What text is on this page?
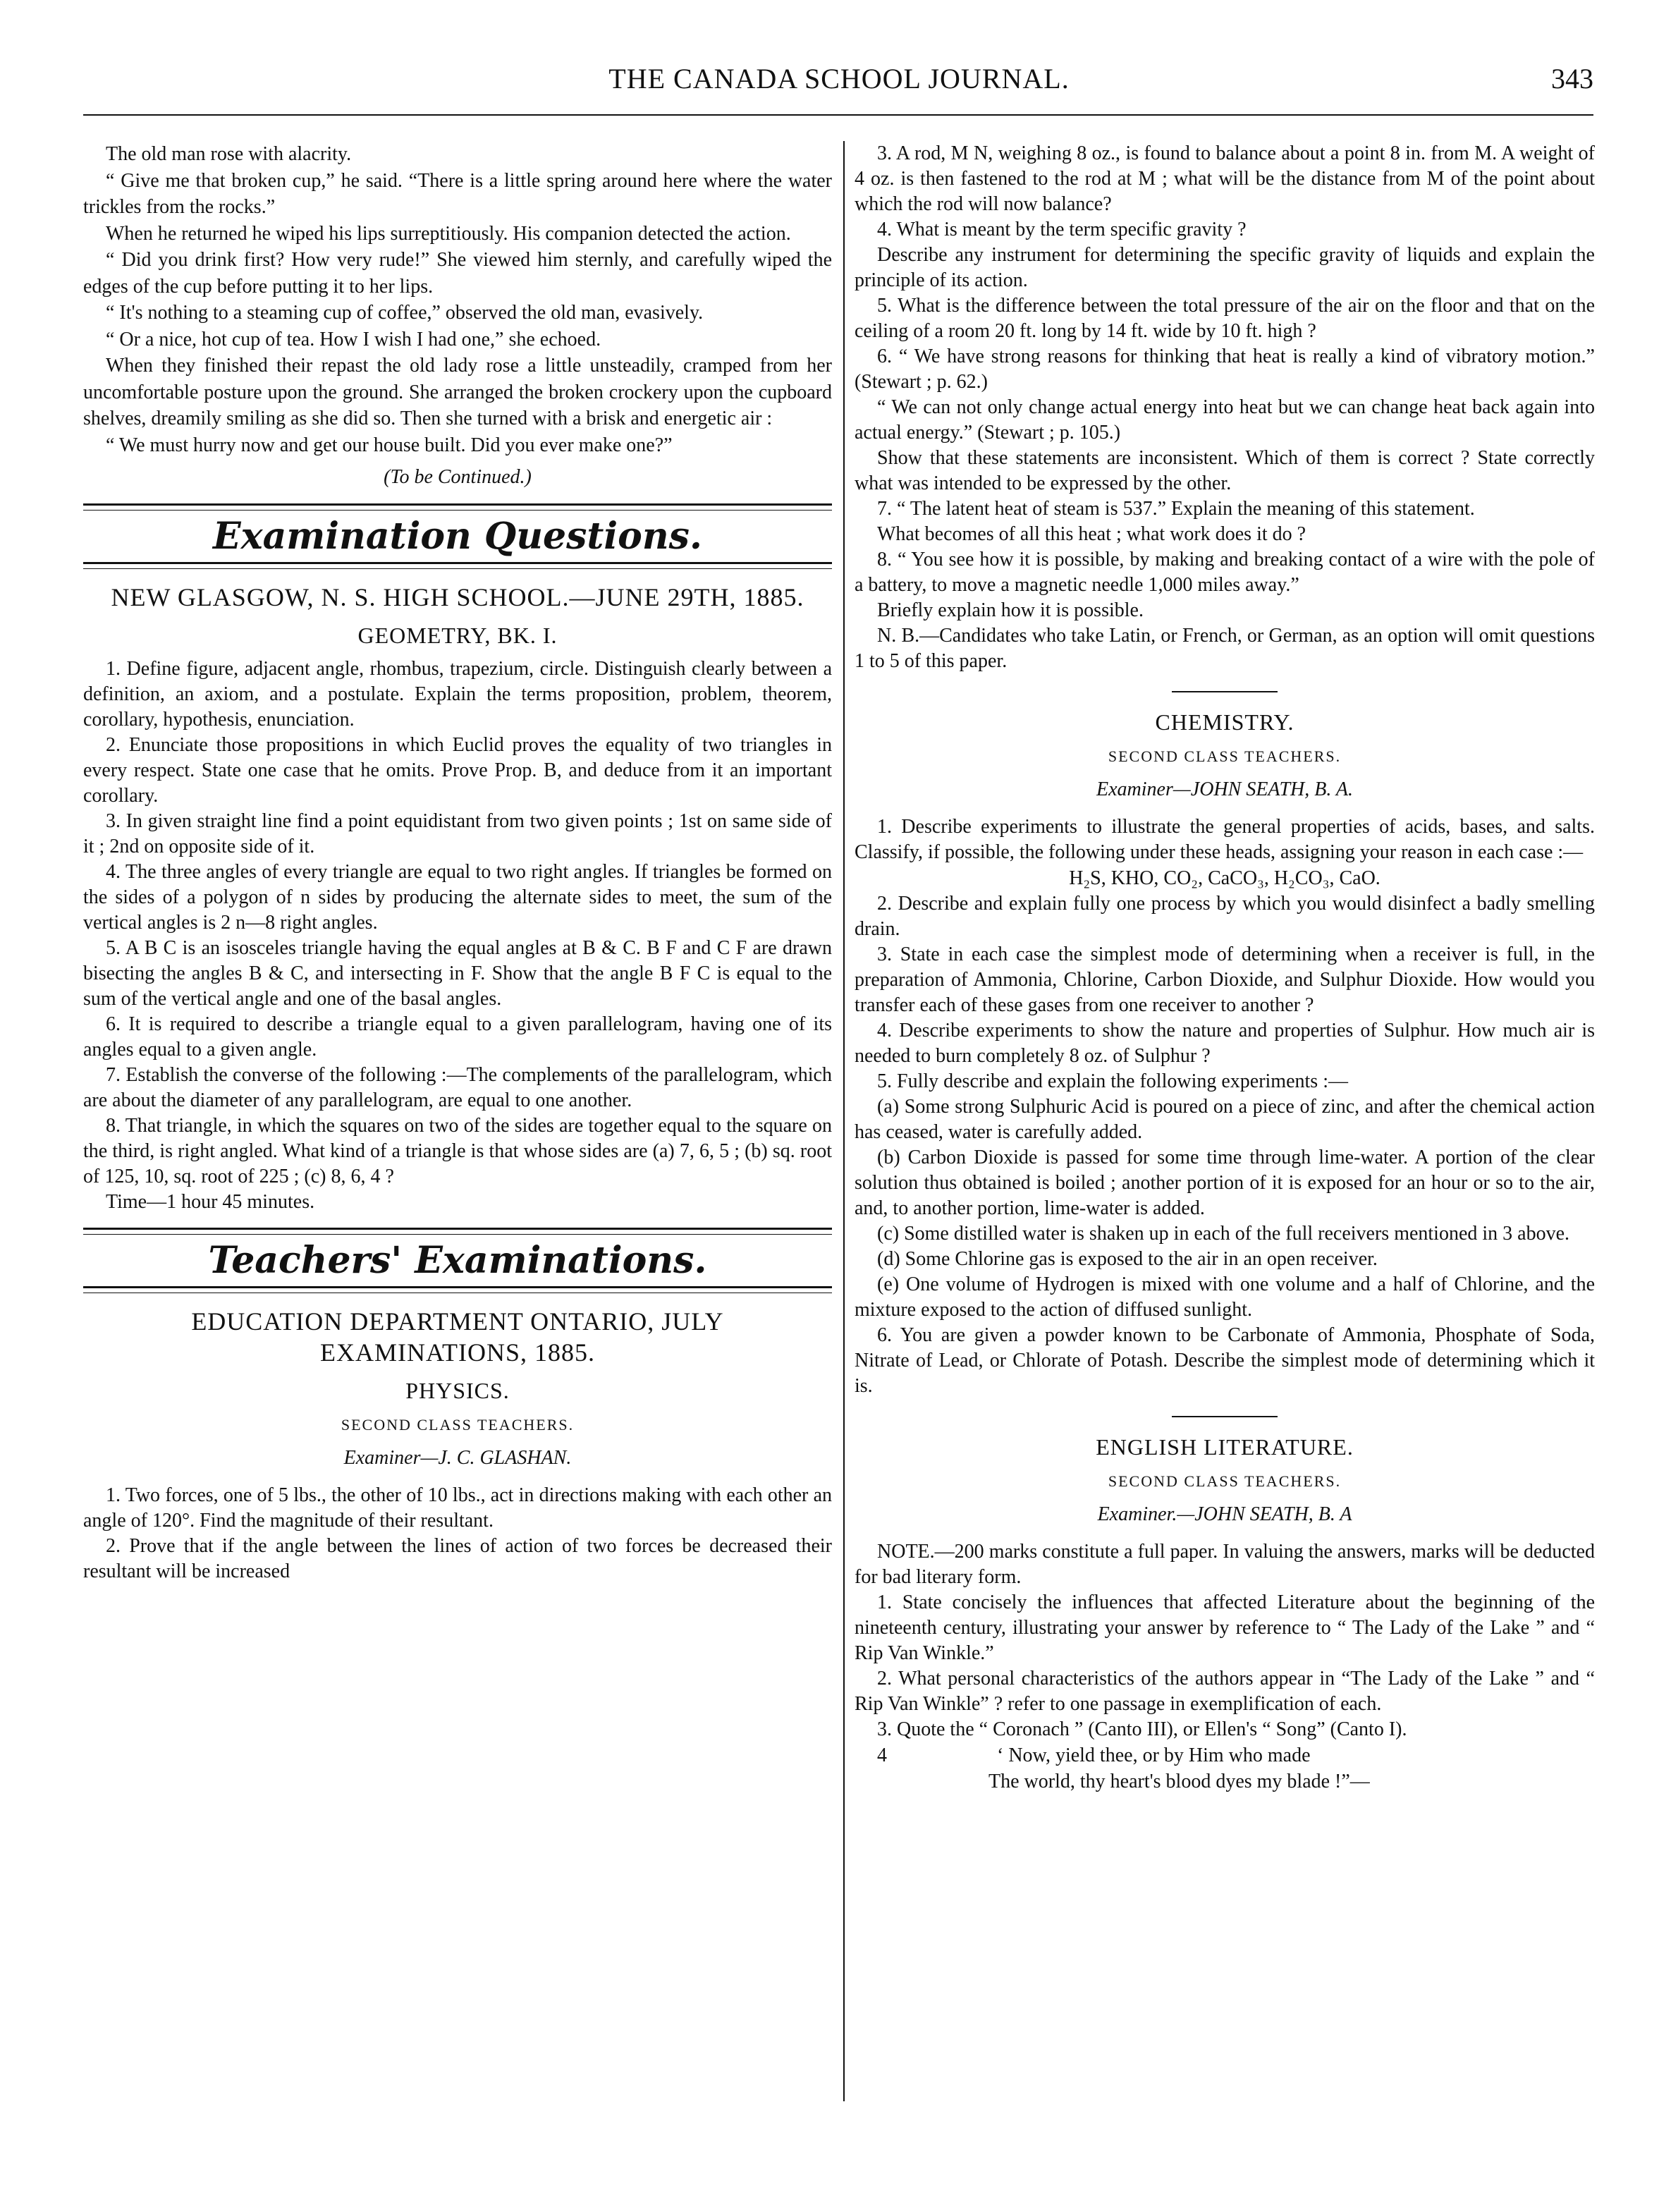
THE CANADA SCHOOL JOURNAL.	343

The old man rose with alacrity.

“ Give me that broken cup,” he said. “There is a little spring around here where the water trickles from the rocks.”

When he returned he wiped his lips surreptitiously. His companion detected the action.

“ Did you drink first? How very rude!” She viewed him sternly, and carefully wiped the edges of the cup before putting it to her lips.

“ It's nothing to a steaming cup of coffee,” observed the old man, evasively.

“ Or a nice, hot cup of tea. How I wish I had one,” she echoed.

When they finished their repast the old lady rose a little unsteadily, cramped from her uncomfortable posture upon the ground. She arranged the broken crockery upon the cupboard shelves, dreamily smiling as she did so. Then she turned with a brisk and energetic air :

“ We must hurry now and get our house built. Did you ever make one?”

(To be Continued.)

Examination Questions.
NEW GLASGOW, N. S. HIGH SCHOOL.—JUNE 29TH, 1885.
GEOMETRY, BK. I.

1. Define figure, adjacent angle, rhombus, trapezium, circle. Distinguish clearly between a definition, an axiom, and a postulate. Explain the terms proposition, problem, theorem, corollary, hypothesis, enunciation.

2. Enunciate those propositions in which Euclid proves the equality of two triangles in every respect. State one case that he omits. Prove Prop. B, and deduce from it an important corollary.

3. In given straight line find a point equidistant from two given points ; 1st on same side of it ; 2nd on opposite side of it.

4. The three angles of every triangle are equal to two right angles. If triangles be formed on the sides of a polygon of n sides by producing the alternate sides to meet, the sum of the vertical angles is 2 n—8 right angles.

5. A B C is an isosceles triangle having the equal angles at B & C. B F and C F are drawn bisecting the angles B & C, and intersecting in F. Show that the angle B F C is equal to the sum of the vertical angle and one of the basal angles.

6. It is required to describe a triangle equal to a given parallelogram, having one of its angles equal to a given angle.

7. Establish the converse of the following :—The complements of the parallelogram, which are about the diameter of any parallelogram, are equal to one another.

8. That triangle, in which the squares on two of the sides are together equal to the square on the third, is right angled. What kind of a triangle is that whose sides are (a) 7, 6, 5 ; (b) sq. root of 125, 10, sq. root of 225 ; (c) 8, 6, 4 ?

Time—1 hour 45 minutes.

Teachers' Examinations.
EDUCATION DEPARTMENT ONTARIO, JULY EXAMINATIONS, 1885.
PHYSICS.
SECOND CLASS TEACHERS.
Examiner—J. C. GLASHAN.

1. Two forces, one of 5 lbs., the other of 10 lbs., act in directions making with each other an angle of 120°. Find the magnitude of their resultant.

2. Prove that if the angle between the lines of action of two forces be decreased their resultant will be increased

3. A rod, M N, weighing 8 oz., is found to balance about a point 8 in. from M. A weight of 4 oz. is then fastened to the rod at M ; what will be the distance from M of the point about which the rod will now balance?

4. What is meant by the term specific gravity ?

Describe any instrument for determining the specific gravity of liquids and explain the principle of its action.

5. What is the difference between the total pressure of the air on the floor and that on the ceiling of a room 20 ft. long by 14 ft. wide by 10 ft. high ?

6. “ We have strong reasons for thinking that heat is really a kind of vibratory motion.” (Stewart ; p. 62.)

“ We can not only change actual energy into heat but we can change heat back again into actual energy.” (Stewart ; p. 105.)

Show that these statements are inconsistent. Which of them is correct ? State correctly what was intended to be expressed by the other.

7. “ The latent heat of steam is 537.” Explain the meaning of this statement.

What becomes of all this heat ; what work does it do ?

8. “ You see how it is possible, by making and breaking contact of a wire with the pole of a battery, to move a magnetic needle 1,000 miles away.”

Briefly explain how it is possible.

N. B.—Candidates who take Latin, or French, or German, as an option will omit questions 1 to 5 of this paper.

CHEMISTRY.
SECOND CLASS TEACHERS.
Examiner—JOHN SEATH, B. A.

1. Describe experiments to illustrate the general properties of acids, bases, and salts. Classify, if possible, the following under these heads, assigning your reason in each case :—

H₂S, KHO, CO₂, CaCO₃, H₂CO₃, CaO.

2. Describe and explain fully one process by which you would disinfect a badly smelling drain.

3. State in each case the simplest mode of determining when a receiver is full, in the preparation of Ammonia, Chlorine, Carbon Dioxide, and Sulphur Dioxide. How would you transfer each of these gases from one receiver to another ?

4. Describe experiments to show the nature and properties of Sulphur. How much air is needed to burn completely 8 oz. of Sulphur ?

5. Fully describe and explain the following experiments :—

(a) Some strong Sulphuric Acid is poured on a piece of zinc, and after the chemical action has ceased, water is carefully added.

(b) Carbon Dioxide is passed for some time through lime-water. A portion of the clear solution thus obtained is boiled ; another portion of it is exposed for an hour or so to the air, and, to another portion, lime-water is added.

(c) Some distilled water is shaken up in each of the full receivers mentioned in 3 above.

(d) Some Chlorine gas is exposed to the air in an open receiver.

(e) One volume of Hydrogen is mixed with one volume and a half of Chlorine, and the mixture exposed to the action of diffused sunlight.

6. You are given a powder known to be Carbonate of Ammonia, Phosphate of Soda, Nitrate of Lead, or Chlorate of Potash. Describe the simplest mode of determining which it is.

ENGLISH LITERATURE.
SECOND CLASS TEACHERS.
Examiner.—JOHN SEATH, B. A

NOTE.—200 marks constitute a full paper. In valuing the answers, marks will be deducted for bad literary form.

1. State concisely the influences that affected Literature about the beginning of the nineteenth century, illustrating your answer by reference to “ The Lady of the Lake ” and “ Rip Van Winkle.”

2. What personal characteristics of the authors appear in “The Lady of the Lake ” and “ Rip Van Winkle” ? refer to one passage in exemplification of each.

3. Quote the “ Coronach ” (Canto III), or Ellen's “ Song” (Canto I).

4	‘ Now, yield thee, or by Him who made
The world, thy heart's blood dyes my blade !”—
